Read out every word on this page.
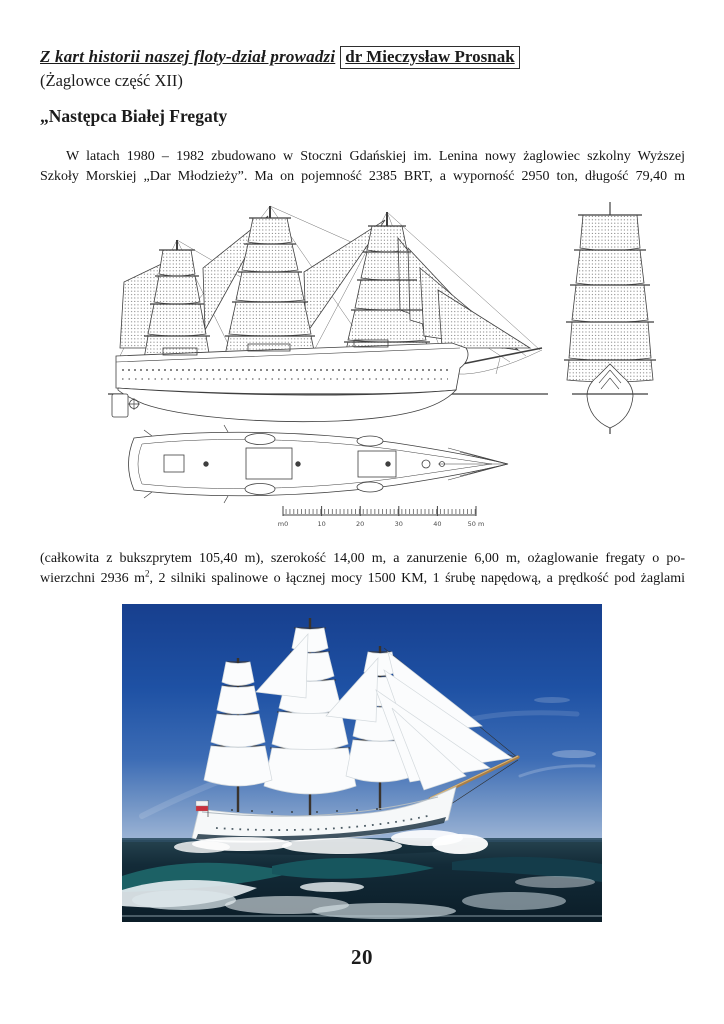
Z kart historii naszej floty-dział prowadzi dr Mieczysław Prosnak
(Żaglowce część XII)
„Następca Białej Fregaty
W latach 1980 – 1982 zbudowano w Stoczni Gdańskiej im. Lenina nowy żaglowiec szkolny Wyższej
Szkoły Morskiej „Dar Młodzieży”. Ma on pojemność 2385 BRT, a wyporność 2950 ton, długość 79,40 m
m0	10	20	30	40	50 m
(całkowita z bukszprytem 105,40 m), szerokość 14,00 m, a zanurzenie 6,00 m, ożaglowanie fregaty o po-
wierzchni 2936 $m^2$, 2 silniki spalinowe o łącznej mocy 1500 KM, 1 śrubę napędową, a prędkość pod żaglami
20
